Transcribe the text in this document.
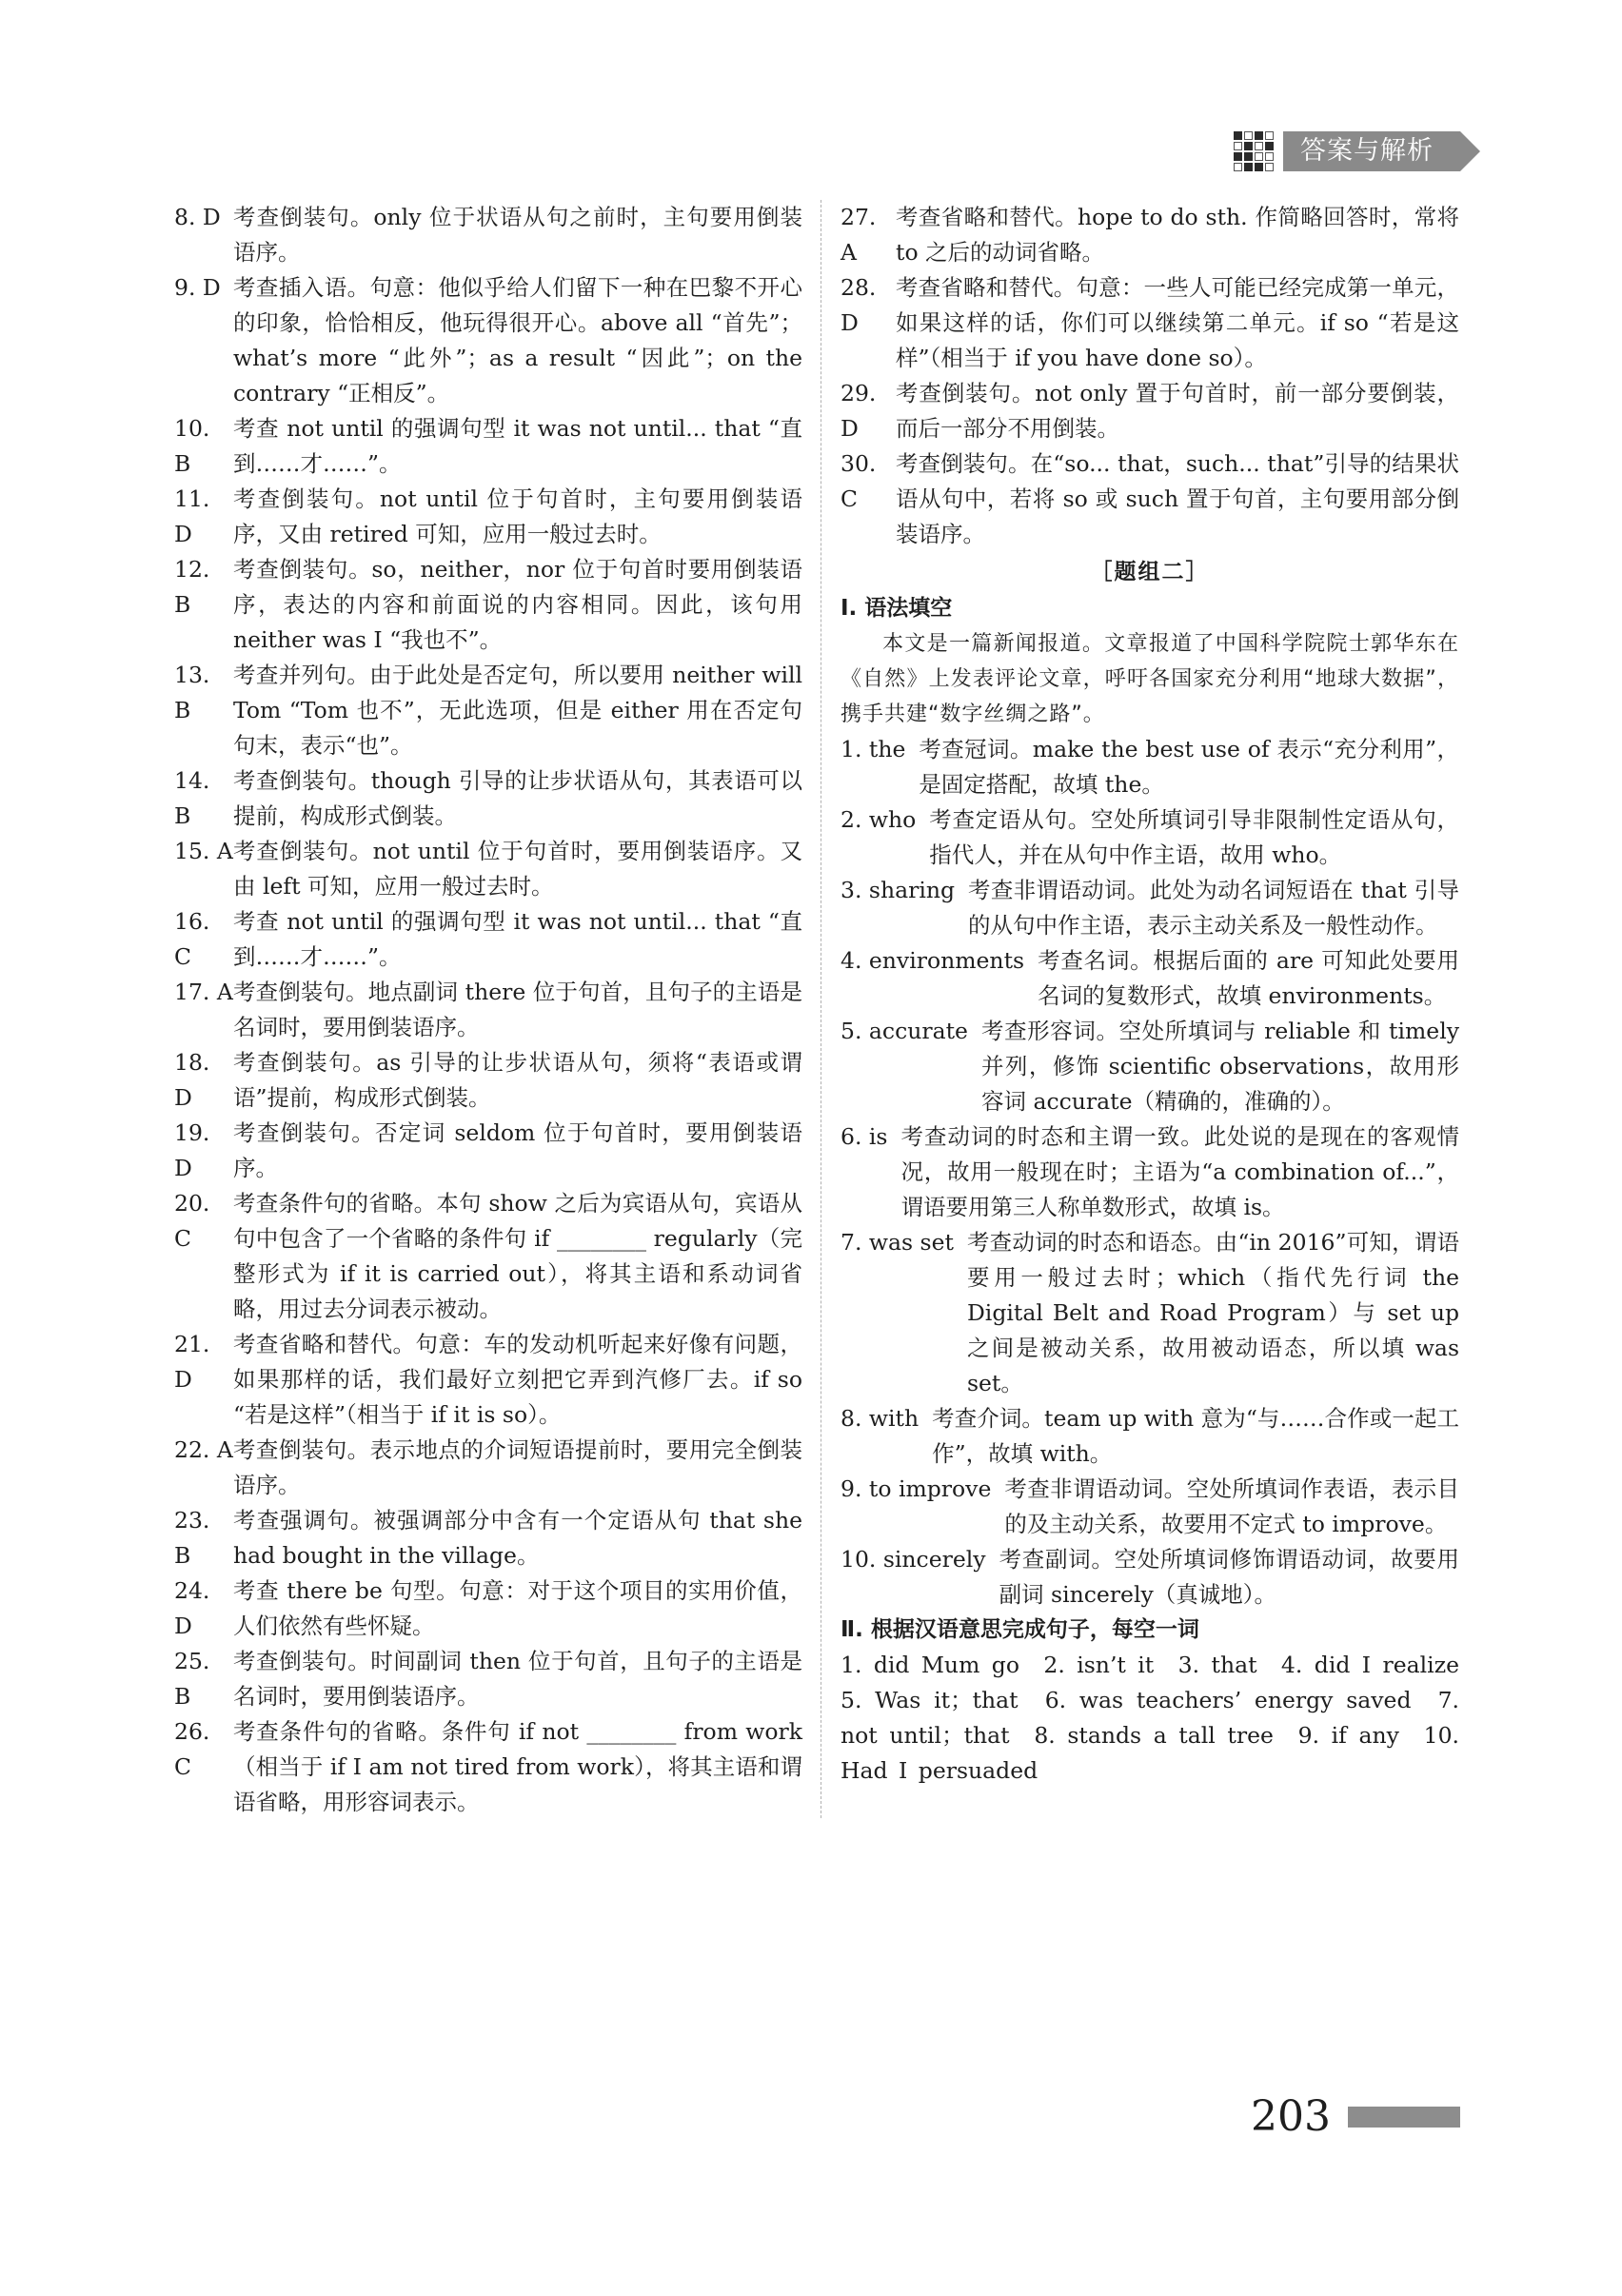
答案与解析
8. D 考查倒装句。only 位于状语从句之前时，主句要用倒装语序。
9. D 考查插入语。句意：他似乎给人们留下一种在巴黎不开心的印象，恰恰相反，他玩得很开心。above all “首先”；what’s more “此外”；as a result “因此”；on the contrary “正相反”。
10. B
考查 not until 的强调句型 it was not until... that “直到……才……”。
11. D
考查倒装句。not until 位于句首时，主句要用倒装语序，又由 retired 可知，应用一般过去时。
12. B
考查倒装句。so，neither，nor 位于句首时要用倒装语序，表达的内容和前面说的内容相同。因此，该句用 neither was I “我也不”。
13. B
考查并列句。由于此处是否定句，所以要用 neither will Tom “Tom 也不”，无此选项，但是 either 用在否定句句末，表示“也”。
14. B
考查倒装句。though 引导的让步状语从句，其表语可以提前，构成形式倒装。
15. A 考查倒装句。not until 位于句首时，要用倒装语序。又由 left 可知，应用一般过去时。
16. C
考查 not until 的强调句型 it was not until... that “直到……才……”。
17. A 考查倒装句。地点副词 there 位于句首，且句子的主语是名词时，要用倒装语序。
18. D
考查倒装句。as 引导的让步状语从句，须将“表语或谓语”提前，构成形式倒装。
19. D
考查倒装句。否定词 seldom 位于句首时，要用倒装语序。
20. C
考查条件句的省略。本句 show 之后为宾语从句，宾语从句中包含了一个省略的条件句 if ________ regularly（完整形式为 if it is carried out），将其主语和系动词省略，用过去分词表示被动。
21. D
考查省略和替代。句意：车的发动机听起来好像有问题，如果那样的话，我们最好立刻把它弄到汽修厂去。if so “若是这样”（相当于 if it is so）。
22. A 考查倒装句。表示地点的介词短语提前时，要用完全倒装语序。
23. B
考查强调句。被强调部分中含有一个定语从句 that she had bought in the village。
24. D
考查 there be 句型。句意：对于这个项目的实用价值，人们依然有些怀疑。
25. B
考查倒装句。时间副词 then 位于句首，且句子的主语是名词时，要用倒装语序。
26. C
考查条件句的省略。条件句 if not ________ from work（相当于 if I am not tired from work），将其主语和谓语省略，用形容词表示。
27. A
考查省略和替代。hope to do sth. 作简略回答时，常将 to 之后的动词省略。
28. D
考查省略和替代。句意：一些人可能已经完成第一单元，如果这样的话，你们可以继续第二单元。if so “若是这样”（相当于 if you have done so）。
29. D
考查倒装句。not only 置于句首时，前一部分要倒装，而后一部分不用倒装。
30. C
考查倒装句。在“so... that，such... that”引导的结果状语从句中，若将 so 或 such 置于句首，主句要用部分倒装语序。
［题组二］
Ⅰ. 语法填空
本文是一篇新闻报道。文章报道了中国科学院院士郭华东在《自然》上发表评论文章，呼吁各国家充分利用“地球大数据”，携手共建“数字丝绸之路”。
1. the 考查冠词。make the best use of 表示“充分利用”，是固定搭配，故填 the。
2. who 考查定语从句。空处所填词引导非限制性定语从句，指代人，并在从句中作主语，故用 who。
3. sharing 考查非谓语动词。此处为动名词短语在 that 引导的从句中作主语，表示主动关系及一般性动作。
4. environments 考查名词。根据后面的 are 可知此处要用名词的复数形式，故填 environments。
5. accurate 考查形容词。空处所填词与 reliable 和 timely 并列，修饰 scientific observations，故用形容词 accurate（精确的，准确的）。
6. is 考查动词的时态和主谓一致。此处说的是现在的客观情况，故用一般现在时；主语为“a combination of...”，谓语要用第三人称单数形式，故填 is。
7. was set 考查动词的时态和语态。由“in 2016”可知，谓语要用一般过去时；which（指代先行词 the Digital Belt and Road Program）与 set up 之间是被动关系，故用被动语态，所以填 was set。
8. with 考查介词。team up with 意为“与……合作或一起工作”，故填 with。
9. to improve 考查非谓语动词。空处所填词作表语，表示目的及主动关系，故要用不定式 to improve。
10. sincerely 考查副词。空处所填词修饰谓语动词，故要用副词 sincerely（真诚地）。
Ⅱ. 根据汉语意思完成句子，每空一词
1. did Mum go　2. isn’t it　3. that　4. did I realize　5. Was it；that　6. was teachers’ energy saved　7. not until；that　8. stands a tall tree　9. if any　10. Had I persuaded
203
